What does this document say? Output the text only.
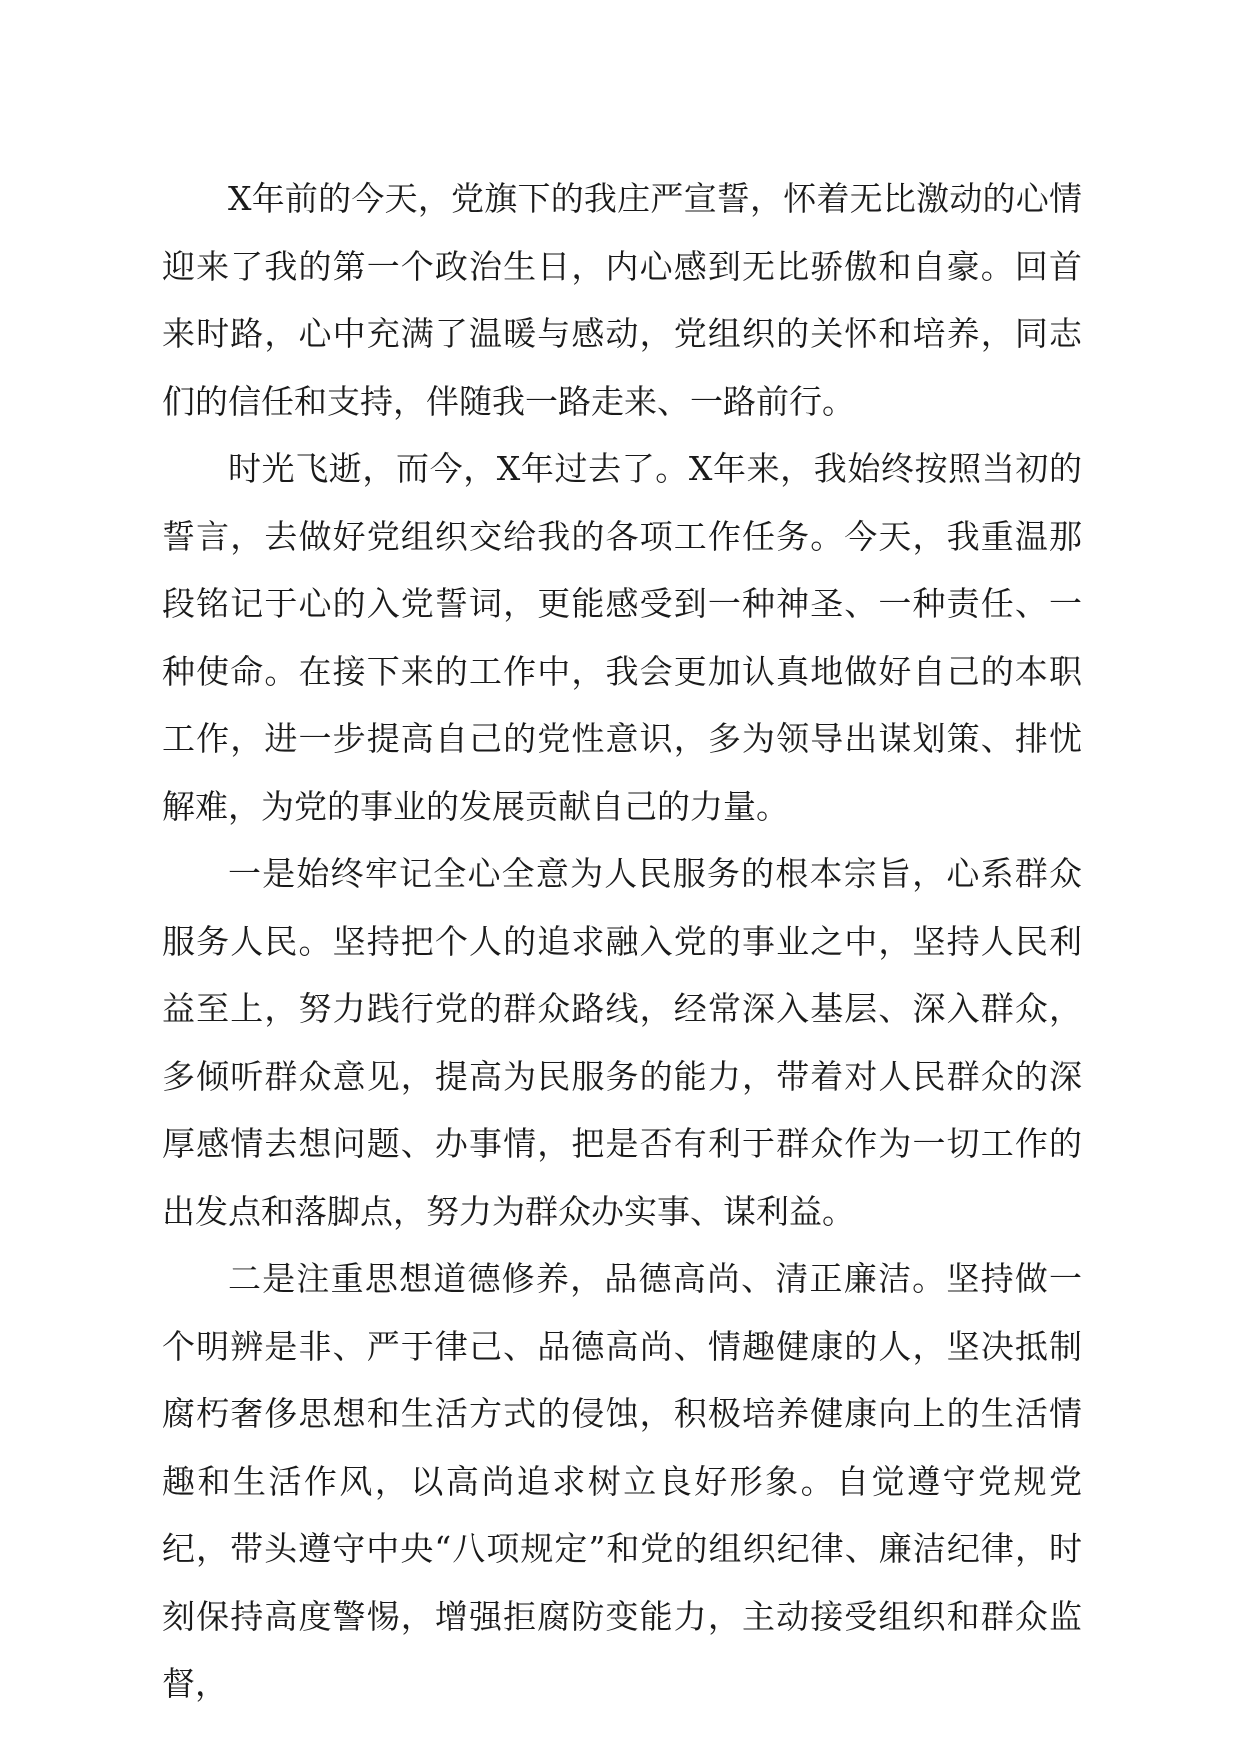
X年前的今天，党旗下的我庄严宣誓，怀着无比激动的心情迎来了我的第一个政治生日，内心感到无比骄傲和自豪。回首来时路，心中充满了温暖与感动，党组织的关怀和培养，同志们的信任和支持，伴随我一路走来、一路前行。

时光飞逝，而今，X年过去了。X年来，我始终按照当初的誓言，去做好党组织交给我的各项工作任务。今天，我重温那段铭记于心的入党誓词，更能感受到一种神圣、一种责任、一种使命。在接下来的工作中，我会更加认真地做好自己的本职工作，进一步提高自己的党性意识，多为领导出谋划策、排忧解难，为党的事业的发展贡献自己的力量。

一是始终牢记全心全意为人民服务的根本宗旨，心系群众服务人民。坚持把个人的追求融入党的事业之中，坚持人民利益至上，努力践行党的群众路线，经常深入基层、深入群众，多倾听群众意见，提高为民服务的能力，带着对人民群众的深厚感情去想问题、办事情，把是否有利于群众作为一切工作的出发点和落脚点，努力为群众办实事、谋利益。

二是注重思想道德修养，品德高尚、清正廉洁。坚持做一个明辨是非、严于律己、品德高尚、情趣健康的人，坚决抵制腐朽奢侈思想和生活方式的侵蚀，积极培养健康向上的生活情趣和生活作风，以高尚追求树立良好形象。自觉遵守党规党纪，带头遵守中央“八项规定”和党的组织纪律、廉洁纪律，时刻保持高度警惕，增强拒腐防变能力，主动接受组织和群众监督，
